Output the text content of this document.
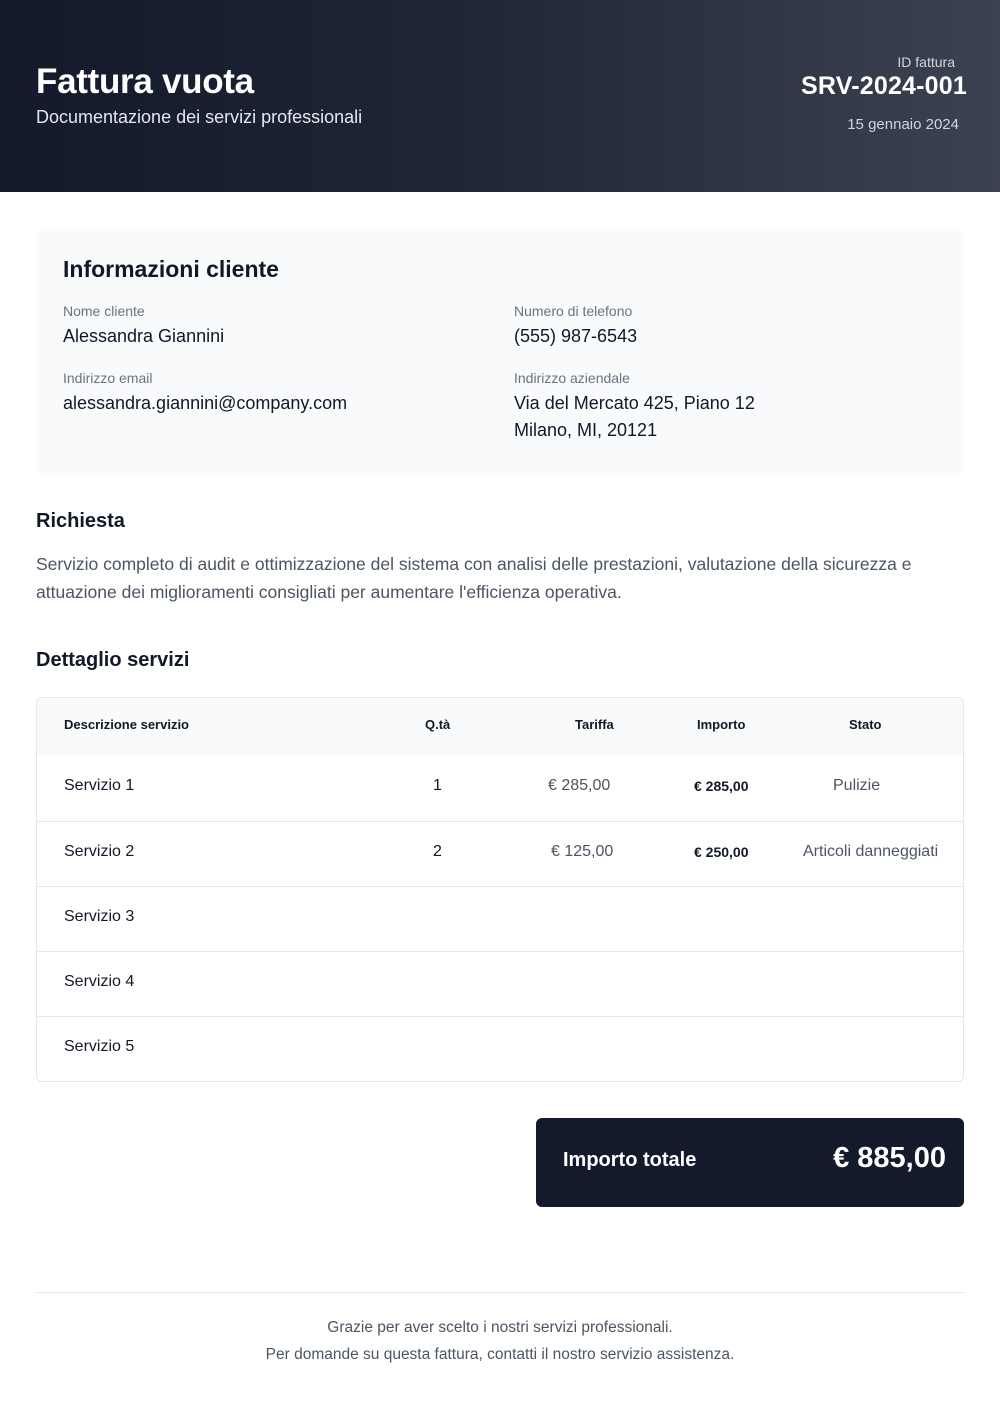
Fattura vuota
Documentazione dei servizi professionali
ID fattura
SRV-2024-001
15 gennaio 2024
Informazioni cliente
Nome cliente
Alessandra Giannini
Numero di telefono
(555) 987-6543
Indirizzo email
alessandra.giannini@company.com
Indirizzo aziendale
Via del Mercato 425, Piano 12
Milano, MI, 20121
Richiesta
Servizio completo di audit e ottimizzazione del sistema con analisi delle prestazioni, valutazione della sicurezza e attuazione dei miglioramenti consigliati per aumentare l'efficienza operativa.
Dettaglio servizi
Descrizione servizio	Q.tà	Tariffa	Importo	Stato
Servizio 1	1	€ 285,00	€ 285,00	Pulizie
Servizio 2	2	€ 125,00	€ 250,00	Articoli danneggiati
Servizio 3
Servizio 4
Servizio 5
Importo totale	€ 885,00
Grazie per aver scelto i nostri servizi professionali.
Per domande su questa fattura, contatti il nostro servizio assistenza.
